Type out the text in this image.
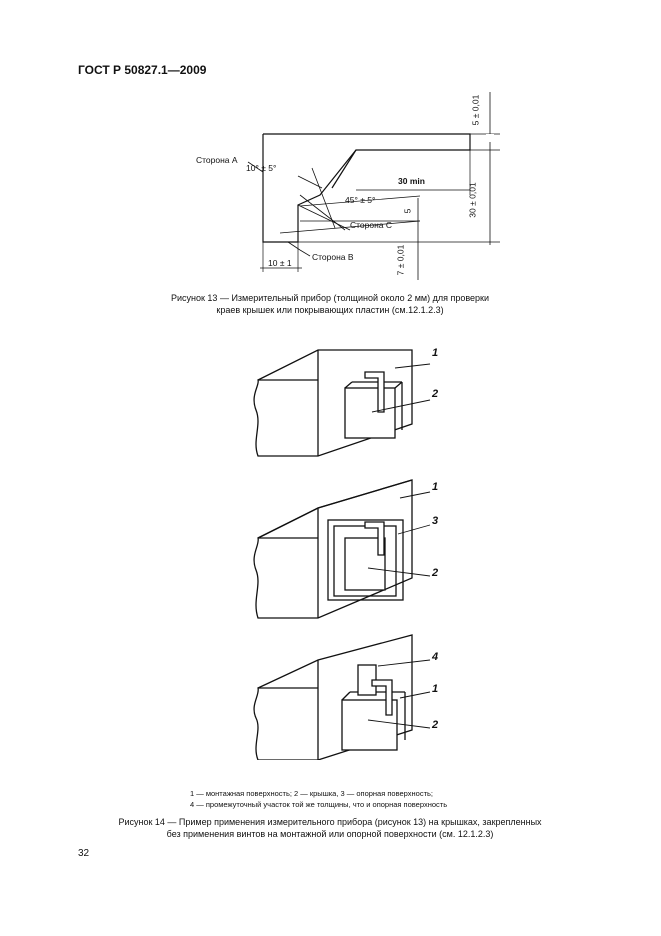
ГОСТ Р 50827.1—2009
Сторона А
10° ± 5°
30 min
45° ± 5°
Сторона С
Сторона В
10 ± 1
5
5 ± 0,01
30 ± 0,01
7 ± 0,01
Рисунок 13 — Измерительный прибор (толщиной около 2 мм) для проверки
краев крышек или покрывающих пластин (см.12.1.2.3)
1
2
1
3
2
4
1
2
1 — монтажная поверхность; 2 — крышка, 3 — опорная поверхность;
4 — промежуточный участок той же толщины, что и опорная поверхность
Рисунок 14 — Пример применения измерительного прибора (рисунок 13) на крышках, закрепленных
без применения винтов на монтажной или опорной поверхности (см. 12.1.2.3)
32
